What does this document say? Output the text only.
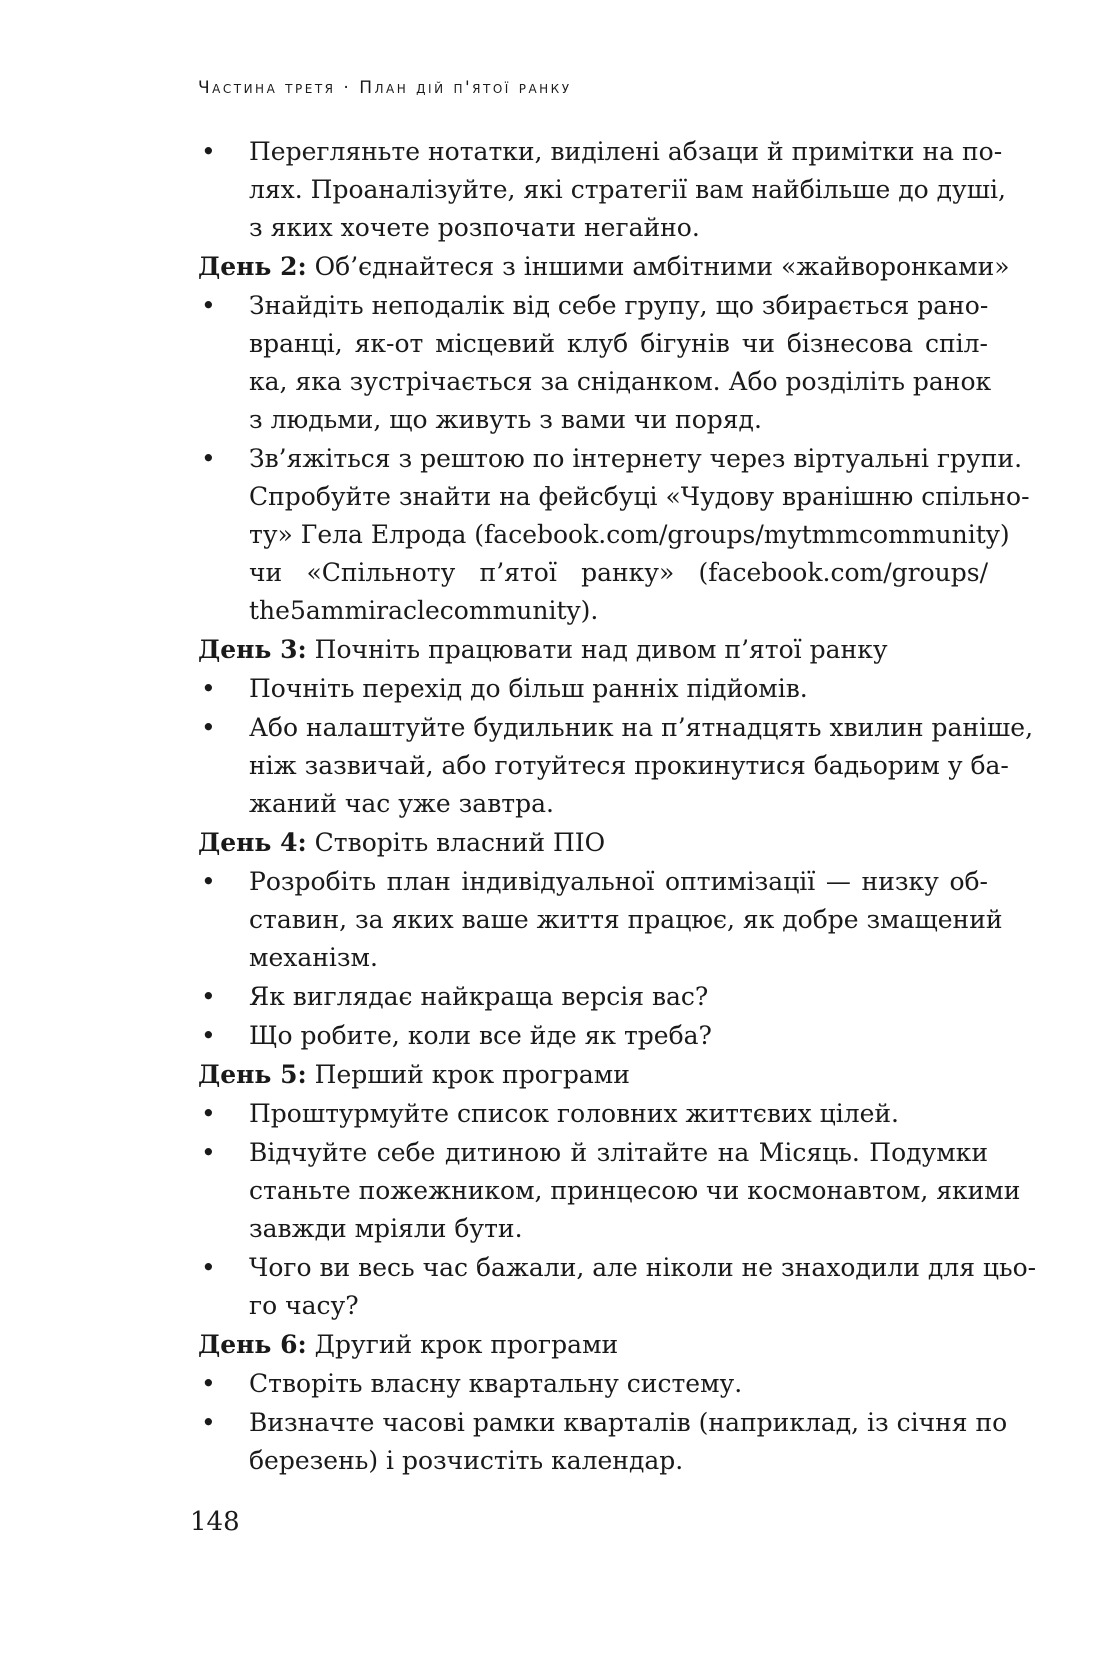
Частина третя · План дій п'ятої ранку
• Перегляньте нотатки, виділені абзаци й примітки на по-
лях. Проаналізуйте, які стратегії вам найбільше до душі,
з яких хочете розпочати негайно.
День 2: Об’єднайтеся з іншими амбітними «жайворонками»
• Знайдіть неподалік від себе групу, що збирається рано-
вранці, як-от місцевий клуб бігунів чи бізнесова спіл-
ка, яка зустрічається за сніданком. Або розділіть ранок
з людьми, що живуть з вами чи поряд.
• Зв’яжіться з рештою по інтернету через віртуальні групи.
Спробуйте знайти на фейсбуці «Чудову вранішню спільно-
ту» Гела Елрода (facebook.com/groups/mytmmcommunity)
чи «Спільноту п’ятої ранку» (facebook.com/groups/
the5ammiraclecommunity).
День 3: Почніть працювати над дивом п’ятої ранку
• Почніть перехід до більш ранніх підйомів.
• Або налаштуйте будильник на п’ятнадцять хвилин раніше,
ніж зазвичай, або готуйтеся прокинутися бадьорим у ба-
жаний час уже завтра.
День 4: Створіть власний ПІО
• Розробіть план індивідуальної оптимізації — низку об-
ставин, за яких ваше життя працює, як добре змащений
механізм.
• Як виглядає найкраща версія вас?
• Що робите, коли все йде як треба?
День 5: Перший крок програми
• Проштурмуйте список головних життєвих цілей.
• Відчуйте себе дитиною й злітайте на Місяць. Подумки
станьте пожежником, принцесою чи космонавтом, якими
завжди мріяли бути.
• Чого ви весь час бажали, але ніколи не знаходили для цьо-
го часу?
День 6: Другий крок програми
• Створіть власну квартальну систему.
• Визначте часові рамки кварталів (наприклад, із січня по
березень) і розчистіть календар.
148
